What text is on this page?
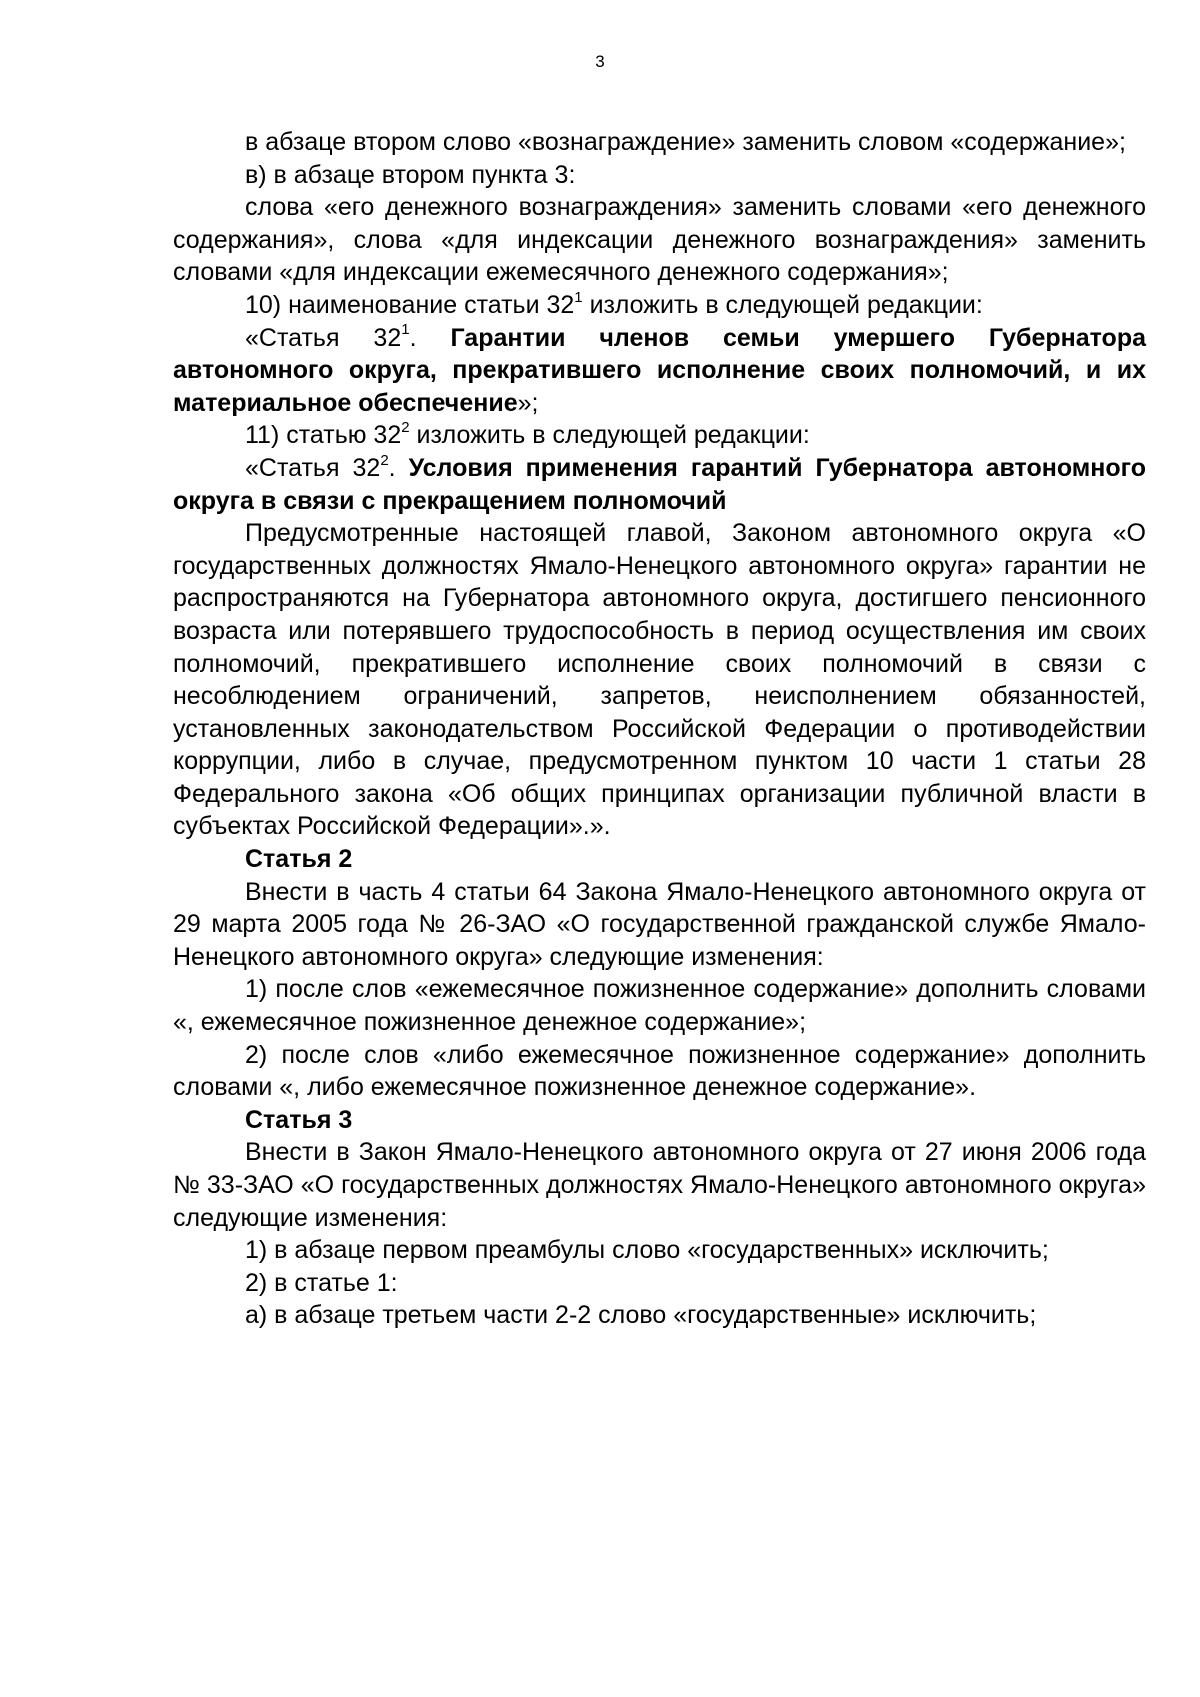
3

в абзаце втором слово «вознаграждение» заменить словом «содержание»;

в) в абзаце втором пункта 3:

слова «его денежного вознаграждения» заменить словами «его денежного содержания», слова «для индексации денежного вознаграждения» заменить словами «для индексации ежемесячного денежного содержания»;

10) наименование статьи $32^1$ изложить в следующей редакции:

«Статья $32^1$. Гарантии членов семьи умершего Губернатора автономного округа, прекратившего исполнение своих полномочий, и их материальное обеспечение»;

11) статью $32^2$ изложить в следующей редакции:

«Статья $32^2$. Условия применения гарантий Губернатора автономного округа в связи с прекращением полномочий

Предусмотренные настоящей главой, Законом автономного округа «О государственных должностях Ямало-Ненецкого автономного округа» гарантии не распространяются на Губернатора автономного округа, достигшего пенсионного возраста или потерявшего трудоспособность в период осуществления им своих полномочий, прекратившего исполнение своих полномочий в связи с несоблюдением ограничений, запретов, неисполнением обязанностей, установленных законодательством Российской Федерации о противодействии коррупции, либо в случае, предусмотренном пунктом 10 части 1 статьи 28 Федерального закона «Об общих принципах организации публичной власти в субъектах Российской Федерации».».

Статья 2

Внести в часть 4 статьи 64 Закона Ямало-Ненецкого автономного округа от 29 марта 2005 года № 26-ЗАО «О государственной гражданской службе Ямало-Ненецкого автономного округа» следующие изменения:

1) после слов «ежемесячное пожизненное содержание» дополнить словами «, ежемесячное пожизненное денежное содержание»;

2) после слов «либо ежемесячное пожизненное содержание» дополнить словами «, либо ежемесячное пожизненное денежное содержание».

Статья 3

Внести в Закон Ямало-Ненецкого автономного округа от 27 июня 2006 года № 33-ЗАО «О государственных должностях Ямало-Ненецкого автономного округа» следующие изменения:

1) в абзаце первом преамбулы слово «государственных» исключить;

2) в статье 1:

а) в абзаце третьем части 2-2 слово «государственные» исключить;
